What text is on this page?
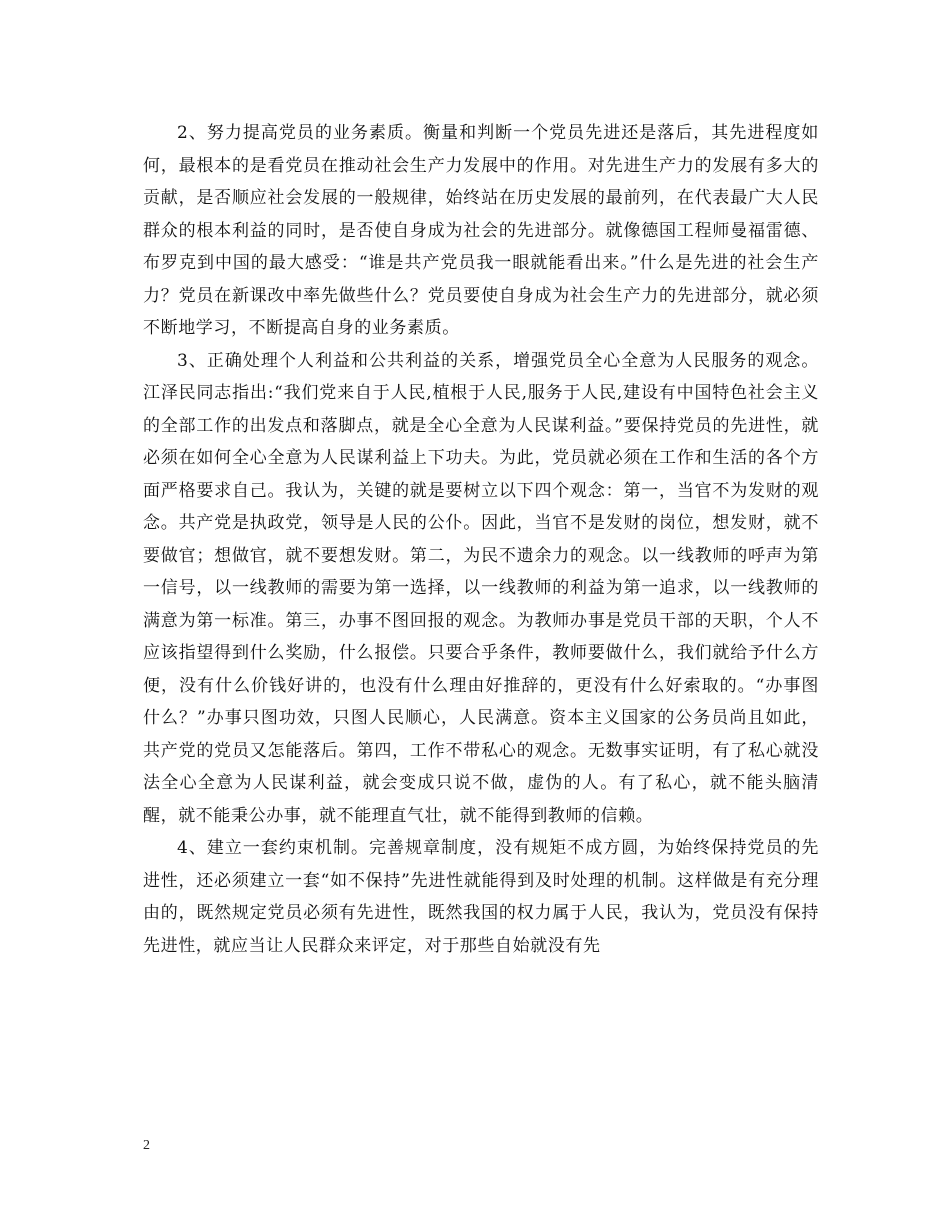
2、努力提高党员的业务素质。衡量和判断一个党员先进还是落后，其先进程度如何，最根本的是看党员在推动社会生产力发展中的作用。对先进生产力的发展有多大的贡献，是否顺应社会发展的一般规律，始终站在历史发展的最前列，在代表最广大人民群众的根本利益的同时，是否使自身成为社会的先进部分。就像德国工程师曼福雷德、布罗克到中国的最大感受：“谁是共产党员我一眼就能看出来。”什么是先进的社会生产力？党员在新课改中率先做些什么？党员要使自身成为社会生产力的先进部分，就必须不断地学习，不断提高自身的业务素质。

3、正确处理个人利益和公共利益的关系，增强党员全心全意为人民服务的观念。江泽民同志指出:“我们党来自于人民,植根于人民,服务于人民,建设有中国特色社会主义的全部工作的出发点和落脚点，就是全心全意为人民谋利益。”要保持党员的先进性，就必须在如何全心全意为人民谋利益上下功夫。为此，党员就必须在工作和生活的各个方面严格要求自己。我认为，关键的就是要树立以下四个观念：第一，当官不为发财的观念。共产党是执政党，领导是人民的公仆。因此，当官不是发财的岗位，想发财，就不要做官；想做官，就不要想发财。第二，为民不遗余力的观念。以一线教师的呼声为第一信号，以一线教师的需要为第一选择，以一线教师的利益为第一追求，以一线教师的满意为第一标准。第三，办事不图回报的观念。为教师办事是党员干部的天职，个人不应该指望得到什么奖励，什么报偿。只要合乎条件，教师要做什么，我们就给予什么方便，没有什么价钱好讲的，也没有什么理由好推辞的，更没有什么好索取的。“办事图什么？”办事只图功效，只图人民顺心，人民满意。资本主义国家的公务员尚且如此，共产党的党员又怎能落后。第四，工作不带私心的观念。无数事实证明，有了私心就没法全心全意为人民谋利益，就会变成只说不做，虚伪的人。有了私心，就不能头脑清醒，就不能秉公办事，就不能理直气壮，就不能得到教师的信赖。

4、建立一套约束机制。完善规章制度，没有规矩不成方圆，为始终保持党员的先进性，还必须建立一套“如不保持”先进性就能得到及时处理的机制。这样做是有充分理由的，既然规定党员必须有先进性，既然我国的权力属于人民，我认为，党员没有保持先进性，就应当让人民群众来评定，对于那些自始就没有先

2
